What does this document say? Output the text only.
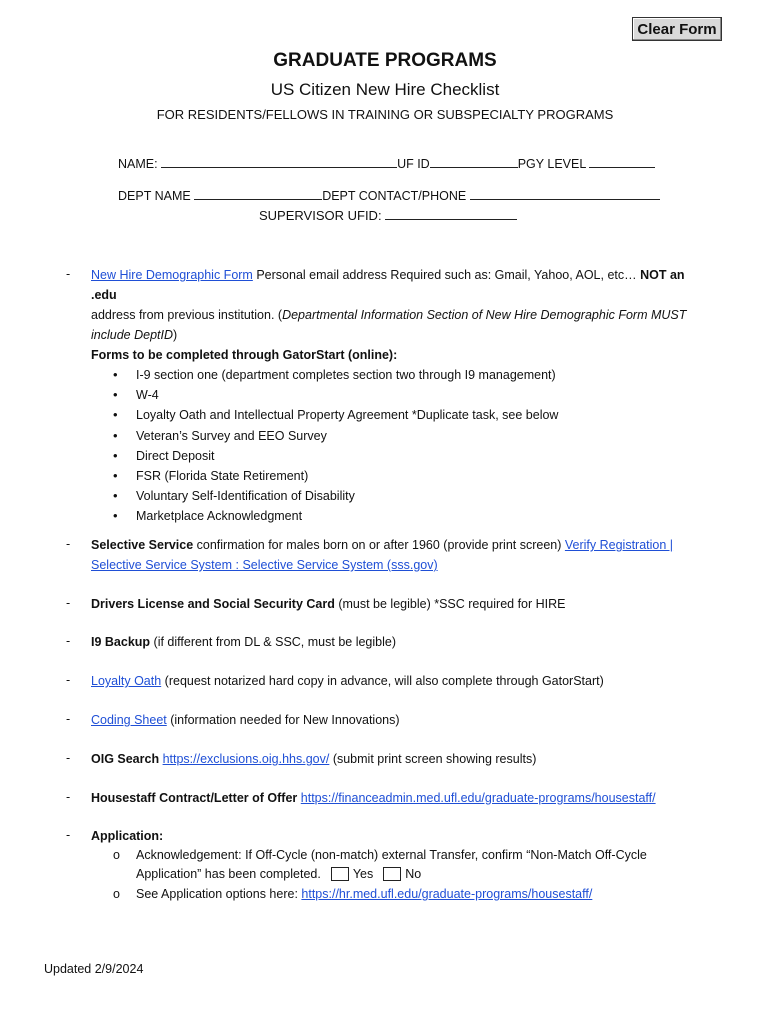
Clear Form
GRADUATE PROGRAMS
US Citizen New Hire Checklist
FOR RESIDENTS/FELLOWS IN TRAINING OR SUBSPECIALTY PROGRAMS
NAME:	UF ID	PGY LEVEL
DEPT NAME	DEPT CONTACT/PHONE
SUPERVISOR UFID:
- New Hire Demographic Form Personal email address Required such as: Gmail, Yahoo, AOL, etc… NOT an .edu
address from previous institution. (Departmental Information Section of New Hire Demographic Form MUST include DeptID)
Forms to be completed through GatorStart (online):
• I-9 section one (department completes section two through I9 management)
• W-4
• Loyalty Oath and Intellectual Property Agreement *Duplicate task, see below
• Veteran’s Survey and EEO Survey
• Direct Deposit
• FSR (Florida State Retirement)
• Voluntary Self-Identification of Disability
• Marketplace Acknowledgment
- Selective Service confirmation for males born on or after 1960 (provide print screen) Verify Registration | Selective Service System : Selective Service System (sss.gov)
- Drivers License and Social Security Card (must be legible) *SSC required for HIRE
- I9 Backup (if different from DL & SSC, must be legible)
- Loyalty Oath (request notarized hard copy in advance, will also complete through GatorStart)
- Coding Sheet (information needed for New Innovations)
- OIG Search https://exclusions.oig.hhs.gov/ (submit print screen showing results)
- Housestaff Contract/Letter of Offer https://financeadmin.med.ufl.edu/graduate-programs/housestaff/
- Application:
o Acknowledgement: If Off-Cycle (non-match) external Transfer, confirm “Non-Match Off-Cycle Application” has been completed.	Yes	No
o See Application options here: https://hr.med.ufl.edu/graduate-programs/housestaff/
Updated 2/9/2024
